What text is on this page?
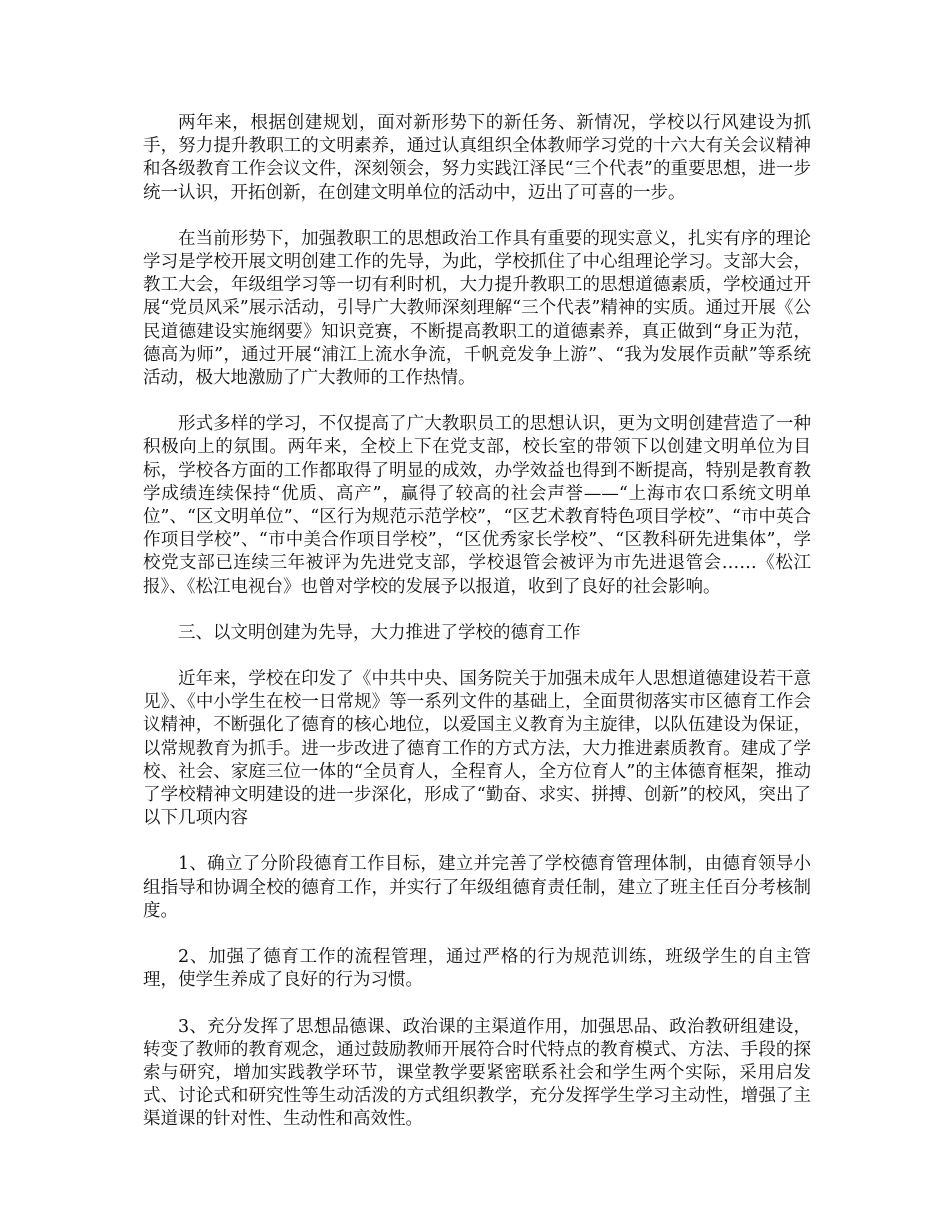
两年来，根据创建规划，面对新形势下的新任务、新情况，学校以行风建设为抓手，努力提升教职工的文明素养，通过认真组织全体教师学习党的十六大有关会议精神和各级教育工作会议文件，深刻领会，努力实践江泽民“三个代表”的重要思想，进一步统一认识，开拓创新，在创建文明单位的活动中，迈出了可喜的一步。

在当前形势下，加强教职工的思想政治工作具有重要的现实意义，扎实有序的理论学习是学校开展文明创建工作的先导，为此，学校抓住了中心组理论学习。支部大会，教工大会，年级组学习等一切有利时机，大力提升教职工的思想道德素质，学校通过开展“党员风采”展示活动，引导广大教师深刻理解“三个代表”精神的实质。通过开展《公民道德建设实施纲要》知识竞赛，不断提高教职工的道德素养，真正做到“身正为范，德高为师”，通过开展“浦江上流水争流，千帆竞发争上游”、“我为发展作贡献”等系统活动，极大地激励了广大教师的工作热情。

形式多样的学习，不仅提高了广大教职员工的思想认识，更为文明创建营造了一种积极向上的氛围。两年来，全校上下在党支部，校长室的带领下以创建文明单位为目标，学校各方面的工作都取得了明显的成效，办学效益也得到不断提高，特别是教育教学成绩连续保持“优质、高产”，赢得了较高的社会声誉——“上海市农口系统文明单位”、“区文明单位”、“区行为规范示范学校”，“区艺术教育特色项目学校”、“市中英合作项目学校”、“市中美合作项目学校”，“区优秀家长学校”、“区教科研先进集体”，学校党支部已连续三年被评为先进党支部，学校退管会被评为市先进退管会……《松江报》、《松江电视台》也曾对学校的发展予以报道，收到了良好的社会影响。

三、以文明创建为先导，大力推进了学校的德育工作

近年来，学校在印发了《中共中央、国务院关于加强未成年人思想道德建设若干意见》、《中小学生在校一日常规》等一系列文件的基础上，全面贯彻落实市区德育工作会议精神，不断强化了德育的核心地位，以爱国主义教育为主旋律，以队伍建设为保证，以常规教育为抓手。进一步改进了德育工作的方式方法，大力推进素质教育。建成了学校、社会、家庭三位一体的“全员育人，全程育人，全方位育人”的主体德育框架，推动了学校精神文明建设的进一步深化，形成了“勤奋、求实、拼搏、创新”的校风，突出了以下几项内容

1、确立了分阶段德育工作目标，建立并完善了学校德育管理体制，由德育领导小组指导和协调全校的德育工作，并实行了年级组德育责任制，建立了班主任百分考核制度。

2、加强了德育工作的流程管理，通过严格的行为规范训练，班级学生的自主管理，使学生养成了良好的行为习惯。

3、充分发挥了思想品德课、政治课的主渠道作用，加强思品、政治教研组建设，转变了教师的教育观念，通过鼓励教师开展符合时代特点的教育模式、方法、手段的探索与研究，增加实践教学环节，课堂教学要紧密联系社会和学生两个实际，采用启发式、讨论式和研究性等生动活泼的方式组织教学，充分发挥学生学习主动性，增强了主渠道课的针对性、生动性和高效性。
